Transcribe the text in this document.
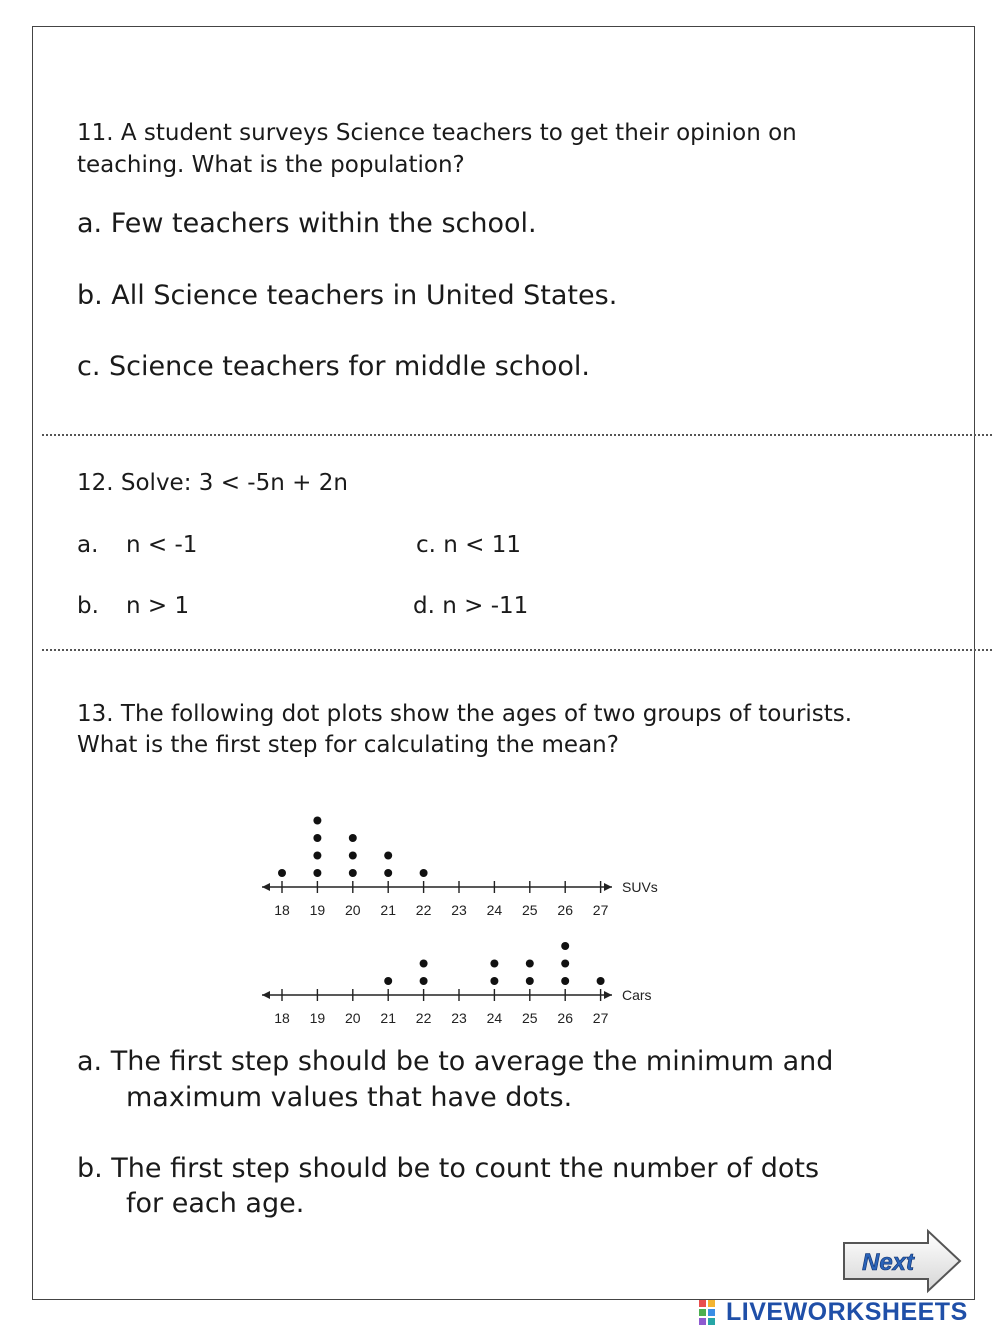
11. A student surveys Science teachers to get their opinion on
teaching. What is the population?
a. Few teachers within the school.
b. All Science teachers in United States.
c. Science teachers for middle school.
12. Solve: 3 < -5n + 2n
a. n < -1	c. n < 11
b. n > 1	d. n > -11
13. The following dot plots show the ages of two groups of tourists.
What is the first step for calculating the mean?
SUVs
18 19 20 21 22 23 24 25 26 27
Cars
18 19 20 21 22 23 24 25 26 27
a. The first step should be to average the minimum and
maximum values that have dots.
b. The first step should be to count the number of dots
for each age.
Next
LIVEWORKSHEETS
